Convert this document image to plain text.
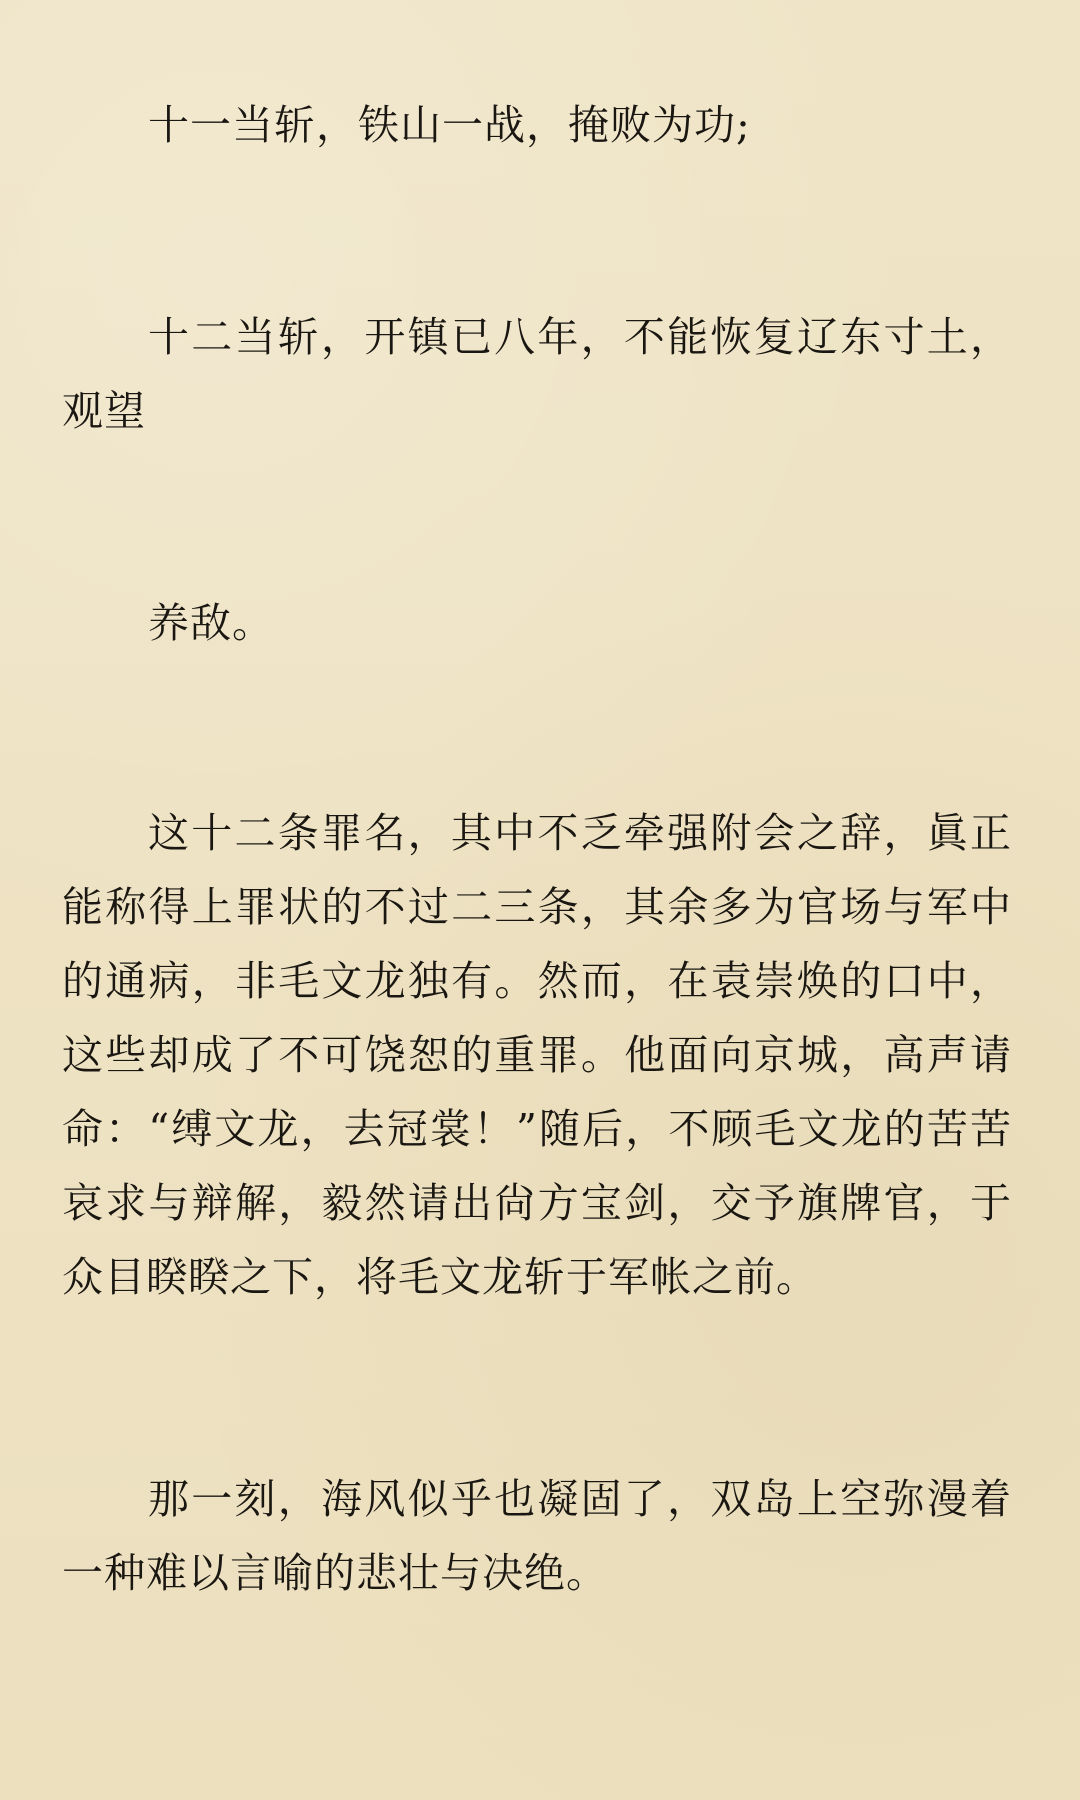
十一当斩，铁山一战，掩败为功;

十二当斩，开镇已八年，不能恢复辽东寸土，观望

养敌。

这十二条罪名，其中不乏牵强附会之辞，眞正能称得上罪状的不过二三条，其余多为官场与军中的通病，非毛文龙独有。然而，在袁崇焕的口中，这些却成了不可饶恕的重罪。他面向京城，高声请命：“缚文龙，去冠裳！”随后，不顾毛文龙的苦苦哀求与辩解，毅然请出尙方宝剑，交予旗牌官，于众目睽睽之下，将毛文龙斩于军帐之前。

那一刻，海风似乎也凝固了，双岛上空弥漫着一种难以言喻的悲壮与决绝。
